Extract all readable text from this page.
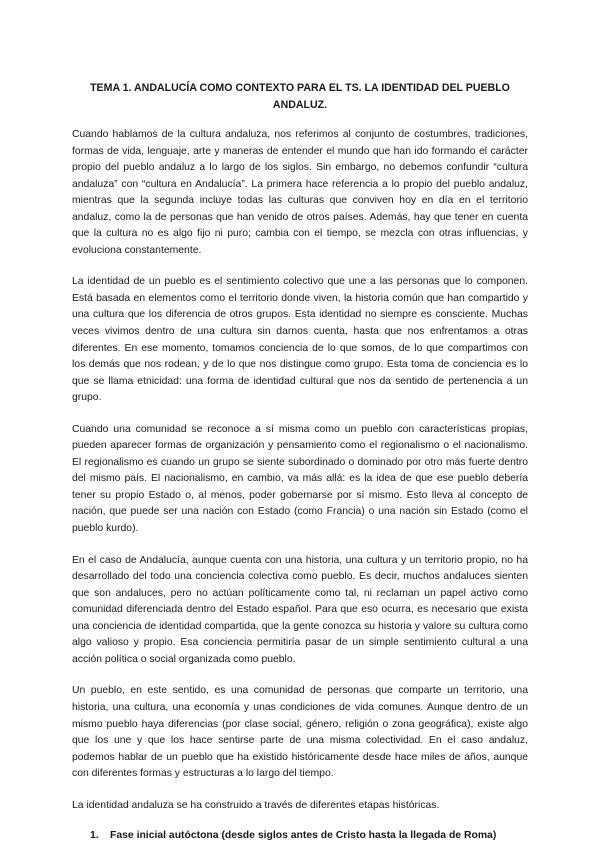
TEMA 1. ANDALUCÍA COMO CONTEXTO PARA EL TS. LA IDENTIDAD DEL PUEBLO ANDALUZ.

Cuando hablamos de la cultura andaluza, nos referimos al conjunto de costumbres, tradiciones, formas de vida, lenguaje, arte y maneras de entender el mundo que han ido formando el carácter propio del pueblo andaluz a lo largo de los siglos. Sin embargo, no debemos confundir “cultura andaluza” con “cultura en Andalucía”. La primera hace referencia a lo propio del pueblo andaluz, mientras que la segunda incluye todas las culturas que conviven hoy en día en el territorio andaluz, como la de personas que han venido de otros países. Además, hay que tener en cuenta que la cultura no es algo fijo ni puro; cambia con el tiempo, se mezcla con otras influencias, y evoluciona constantemente.

La identidad de un pueblo es el sentimiento colectivo que une a las personas que lo componen. Está basada en elementos como el territorio donde viven, la historia común que han compartido y una cultura que los diferencia de otros grupos. Esta identidad no siempre es consciente. Muchas veces vivimos dentro de una cultura sin darnos cuenta, hasta que nos enfrentamos a otras diferentes. En ese momento, tomamos conciencia de lo que somos, de lo que compartimos con los demás que nos rodean, y de lo que nos distingue como grupo. Esta toma de conciencia es lo que se llama etnicidad: una forma de identidad cultural que nos da sentido de pertenencia a un grupo.

Cuando una comunidad se reconoce a sí misma como un pueblo con características propias, pueden aparecer formas de organización y pensamiento como el regionalismo o el nacionalismo. El regionalismo es cuando un grupo se siente subordinado o dominado por otro más fuerte dentro del mismo país. El nacionalismo, en cambio, va más allá: es la idea de que ese pueblo debería tener su propio Estado o, al menos, poder gobernarse por sí mismo. Esto lleva al concepto de nación, que puede ser una nación con Estado (como Francia) o una nación sin Estado (como el pueblo kurdo).

En el caso de Andalucía, aunque cuenta con una historia, una cultura y un territorio propio, no ha desarrollado del todo una conciencia colectiva como pueblo. Es decir, muchos andaluces sienten que son andaluces, pero no actúan políticamente como tal, ni reclaman un papel activo como comunidad diferenciada dentro del Estado español. Para que eso ocurra, es necesario que exista una conciencia de identidad compartida, que la gente conozca su historia y valore su cultura como algo valioso y propio. Esa conciencia permitiría pasar de un simple sentimiento cultural a una acción política o social organizada como pueblo.

Un pueblo, en este sentido, es una comunidad de personas que comparte un territorio, una historia, una cultura, una economía y unas condiciones de vida comunes. Aunque dentro de un mismo pueblo haya diferencias (por clase social, género, religión o zona geográfica), existe algo que los une y que los hace sentirse parte de una misma colectividad. En el caso andaluz, podemos hablar de un pueblo que ha existido históricamente desde hace miles de años, aunque con diferentes formas y estructuras a lo largo del tiempo.

La identidad andaluza se ha construido a través de diferentes etapas históricas.

1.	Fase inicial autóctona (desde siglos antes de Cristo hasta la llegada de Roma)
